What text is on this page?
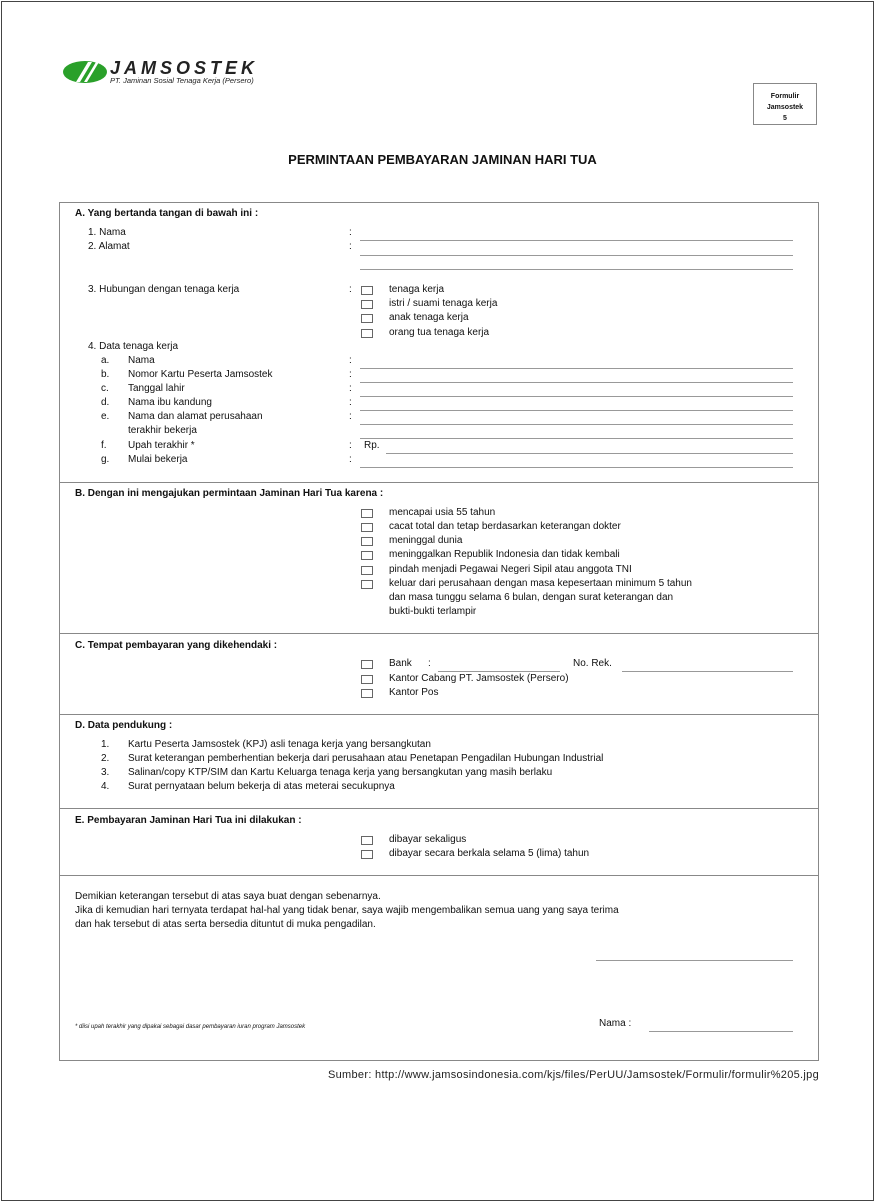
JAMSOSTEK
PT. Jaminan Sosial Tenaga Kerja (Persero)
Formulir
Jamsostek
5
PERMINTAAN PEMBAYARAN JAMINAN HARI TUA
A. Yang bertanda tangan di bawah ini :
1. Nama	:
2. Alamat	:
3. Hubungan dengan tenaga kerja	:	tenaga kerja
istri / suami tenaga kerja
anak tenaga kerja
orang tua tenaga kerja
4. Data tenaga kerja
a. Nama	:
b. Nomor Kartu Peserta Jamsostek	:
c. Tanggal lahir	:
d. Nama ibu kandung	:
e. Nama dan alamat perusahaan
terakhir bekerja
:
f. Upah terakhir *	: Rp.
g. Mulai bekerja	:
B. Dengan ini mengajukan permintaan Jaminan Hari Tua karena :
mencapai usia 55 tahun
cacat total dan tetap berdasarkan keterangan dokter
meninggal dunia
meninggalkan Republik Indonesia dan tidak kembali
pindah menjadi Pegawai Negeri Sipil atau anggota TNI
keluar dari perusahaan dengan masa kepesertaan minimum 5 tahun
dan masa tunggu selama 6 bulan, dengan surat keterangan dan
bukti-bukti terlampir
C. Tempat pembayaran yang dikehendaki :
Bank :	No. Rek.
Kantor Cabang PT. Jamsostek (Persero)
Kantor Pos
D. Data pendukung :
1. Kartu Peserta Jamsostek (KPJ) asli tenaga kerja yang bersangkutan
2. Surat keterangan pemberhentian bekerja dari perusahaan atau Penetapan Pengadilan Hubungan Industrial
3. Salinan/copy KTP/SIM dan Kartu Keluarga tenaga kerja yang bersangkutan yang masih berlaku
4. Surat pernyataan belum bekerja di atas meterai secukupnya
E. Pembayaran Jaminan Hari Tua ini dilakukan :
dibayar sekaligus
dibayar secara berkala selama 5 (lima) tahun
Demikian keterangan tersebut di atas saya buat dengan sebenarnya.
Jika di kemudian hari ternyata terdapat hal-hal yang tidak benar, saya wajib mengembalikan semua uang yang saya terima
dan hak tersebut di atas serta bersedia dituntut di muka pengadilan.
* diisi upah terakhir yang dipakai sebagai dasar pembayaran iuran program Jamsostek	Nama :
Sumber: http://www.jamsosindonesia.com/kjs/files/PerUU/Jamsostek/Formulir/formulir%205.jpg
